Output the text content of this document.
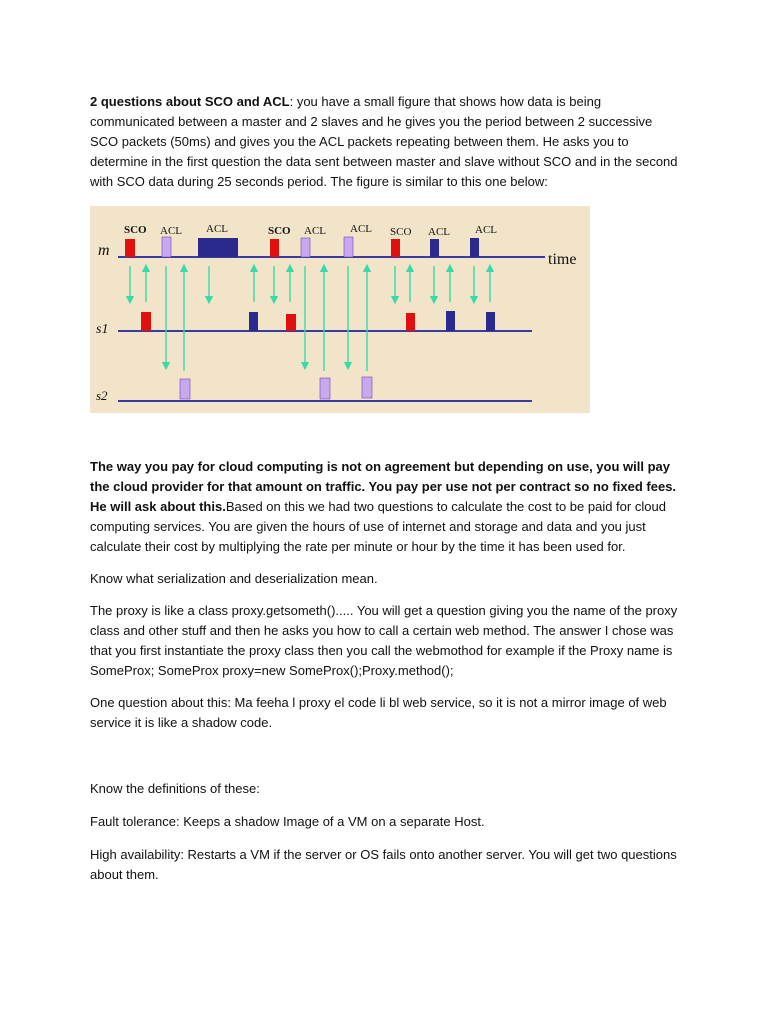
2 questions about SCO and ACL: you have a small figure that shows how data is being communicated between a master and 2 slaves and he gives you the period between 2 successive SCO packets (50ms) and gives you the ACL packets repeating between them. He asks you to determine in the first question the data sent between master and slave without SCO and in the second with SCO data during 25 seconds period. The figure is similar to this one below:

m
s1
s2
time
SCO ACL ACL	SCO ACL ACL SCO ACL ACL

The way you pay for cloud computing is not on agreement but depending on use, you will pay the cloud provider for that amount on traffic. You pay per use not per contract so no fixed fees. He will ask about this.Based on this we had two questions to calculate the cost to be paid for cloud computing services. You are given the hours of use of internet and storage and data and you just calculate their cost by multiplying the rate per minute or hour by the time it has been used for.

Know what serialization and deserialization mean.

The proxy is like a class proxy.getsometh()..... You will get a question giving you the name of the proxy class and other stuff and then he asks you how to call a certain web method. The answer I chose was that you first instantiate the proxy class then you call the webmothod for example if the Proxy name is SomeProx; SomeProx proxy=new SomeProx();Proxy.method();

One question about this: Ma feeha l proxy el code li bl web service, so it is not a mirror image of web service it is like a shadow code.

Know the definitions of these:

Fault tolerance: Keeps a shadow Image of a VM on a separate Host.

High availability: Restarts a VM if the server or OS fails onto another server. You will get two questions about them.
